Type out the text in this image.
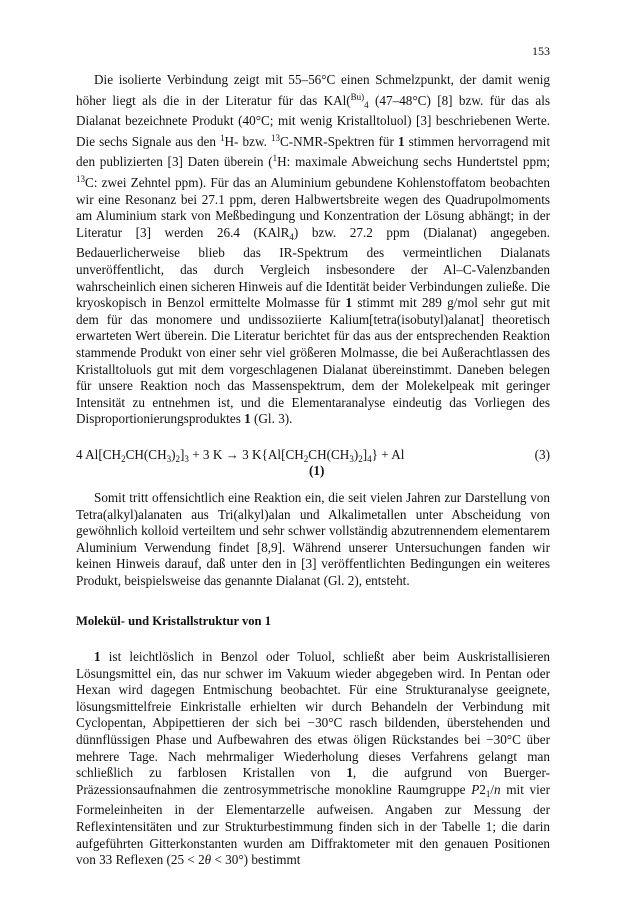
153

Die isolierte Verbindung zeigt mit 55–56°C einen Schmelzpunkt, der damit wenig höher liegt als die in der Literatur für das KAl($^{Bu)}_4$ (47–48°C) [8] bzw. für das als Dialanat bezeichnete Produkt (40°C; mit wenig Kristalltoluol) [3] beschriebenen Werte. Die sechs Signale aus den $^1$H- bzw. $^{13}$C-NMR-Spektren für 1 stimmen hervorragend mit den publizierten [3] Daten überein ($^1$H: maximale Abweichung sechs Hundertstel ppm; $^{13}$C: zwei Zehntel ppm). Für das an Aluminium gebundene Kohlenstoffatom beobachten wir eine Resonanz bei 27.1 ppm, deren Halbwertsbreite wegen des Quadrupolmoments am Aluminium stark von Meßbedingung und Konzentration der Lösung abhängt; in der Literatur [3] werden 26.4 (KAlR$_4$) bzw. 27.2 ppm (Dialanat) angegeben. Bedauerlicherweise blieb das IR-Spektrum des vermeintlichen Dialanats unveröffentlicht, das durch Vergleich insbesondere der Al–C-Valenzbanden wahrscheinlich einen sicheren Hinweis auf die Identität beider Verbindungen zuließe. Die kryoskopisch in Benzol ermittelte Molmasse für 1 stimmt mit 289 g/mol sehr gut mit dem für das monomere und undissoziierte Kalium[tetra(isobutyl)alanat] theoretisch erwarteten Wert überein. Die Literatur berichtet für das aus der entsprechenden Reaktion stammende Produkt von einer sehr viel größeren Molmasse, die bei Außerachtlassen des Kristalltoluols gut mit dem vorgeschlagenen Dialanat übereinstimmt. Daneben belegen für unsere Reaktion noch das Massenspektrum, dem der Molekelpeak mit geringer Intensität zu entnehmen ist, und die Elementaranalyse eindeutig das Vorliegen des Disproportionierungsproduktes 1 (Gl. 3).

4 $Al[CH_2CH(CH_3)_2]_3 + 3$ K → 3 $K\{Al[CH_2CH(CH_3)_2]_4\} + Al$	(3)
(1)

Somit tritt offensichtlich eine Reaktion ein, die seit vielen Jahren zur Darstellung von Tetra(alkyl)alanaten aus Tri(alkyl)alan und Alkalimetallen unter Abscheidung von gewöhnlich kolloid verteiltem und sehr schwer vollständig abzutrennendem elementarem Aluminium Verwendung findet [8,9]. Während unserer Untersuchungen fanden wir keinen Hinweis darauf, daß unter den in [3] veröffentlichten Bedingungen ein weiteres Produkt, beispielsweise das genannte Dialanat (Gl. 2), entsteht.

Molekül- und Kristallstruktur von 1

1 ist leichtlöslich in Benzol oder Toluol, schließt aber beim Auskristallisieren Lösungsmittel ein, das nur schwer im Vakuum wieder abgegeben wird. In Pentan oder Hexan wird dagegen Entmischung beobachtet. Für eine Strukturanalyse geeignete, lösungsmittelfreie Einkristalle erhielten wir durch Behandeln der Verbindung mit Cyclopentan, Abpipettieren der sich bei −30°C rasch bildenden, überstehenden und dünnflüssigen Phase und Aufbewahren des etwas öligen Rückstandes bei −30°C über mehrere Tage. Nach mehrmaliger Wiederholung dieses Verfahrens gelangt man schließlich zu farblosen Kristallen von 1, die aufgrund von Buerger-Präzessionsaufnahmen die zentrosymmetrische monokline Raumgruppe $P2_1/n$ mit vier Formeleinheiten in der Elementarzelle aufweisen. Angaben zur Messung der Reflexintensitäten und zur Strukturbestimmung finden sich in der Tabelle 1; die darin aufgeführten Gitterkonstanten wurden am Diffraktometer mit den genauen Positionen von 33 Reflexen (25 < 2θ < 30°) bestimmt
